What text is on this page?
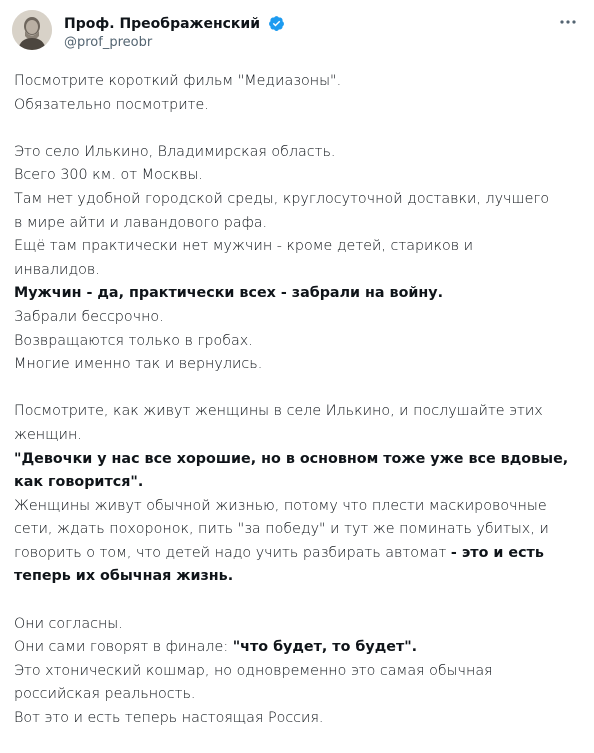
Проф. Преображенский
@prof_preobr
Посмотрите короткий фильм "Медиазоны".
Обязательно посмотрите.
Это село Илькино, Владимирская область.
Всего 300 км. от Москвы.
Там нет удобной городской среды, круглосуточной доставки, лучшего
в мире айти и лавандового рафа.
Ещё там практически нет мужчин - кроме детей, стариков и
инвалидов.
Мужчин - да, практически всех - забрали на войну.
Забрали бессрочно.
Возвращаются только в гробах.
Многие именно так и вернулись.
Посмотрите, как живут женщины в селе Илькино, и послушайте этих
женщин.
"Девочки у нас все хорошие, но в основном тоже уже все вдовые,
как говорится".
Женщины живут обычной жизнью, потому что плести маскировочные
сети, ждать похоронок, пить "за победу" и тут же поминать убитых, и
говорить о том, что детей надо учить разбирать автомат - это и есть
теперь их обычная жизнь.
Они согласны.
Они сами говорят в финале: "что будет, то будет".
Это хтонический кошмар, но одновременно это самая обычная
российская реальность.
Вот это и есть теперь настоящая Россия.
